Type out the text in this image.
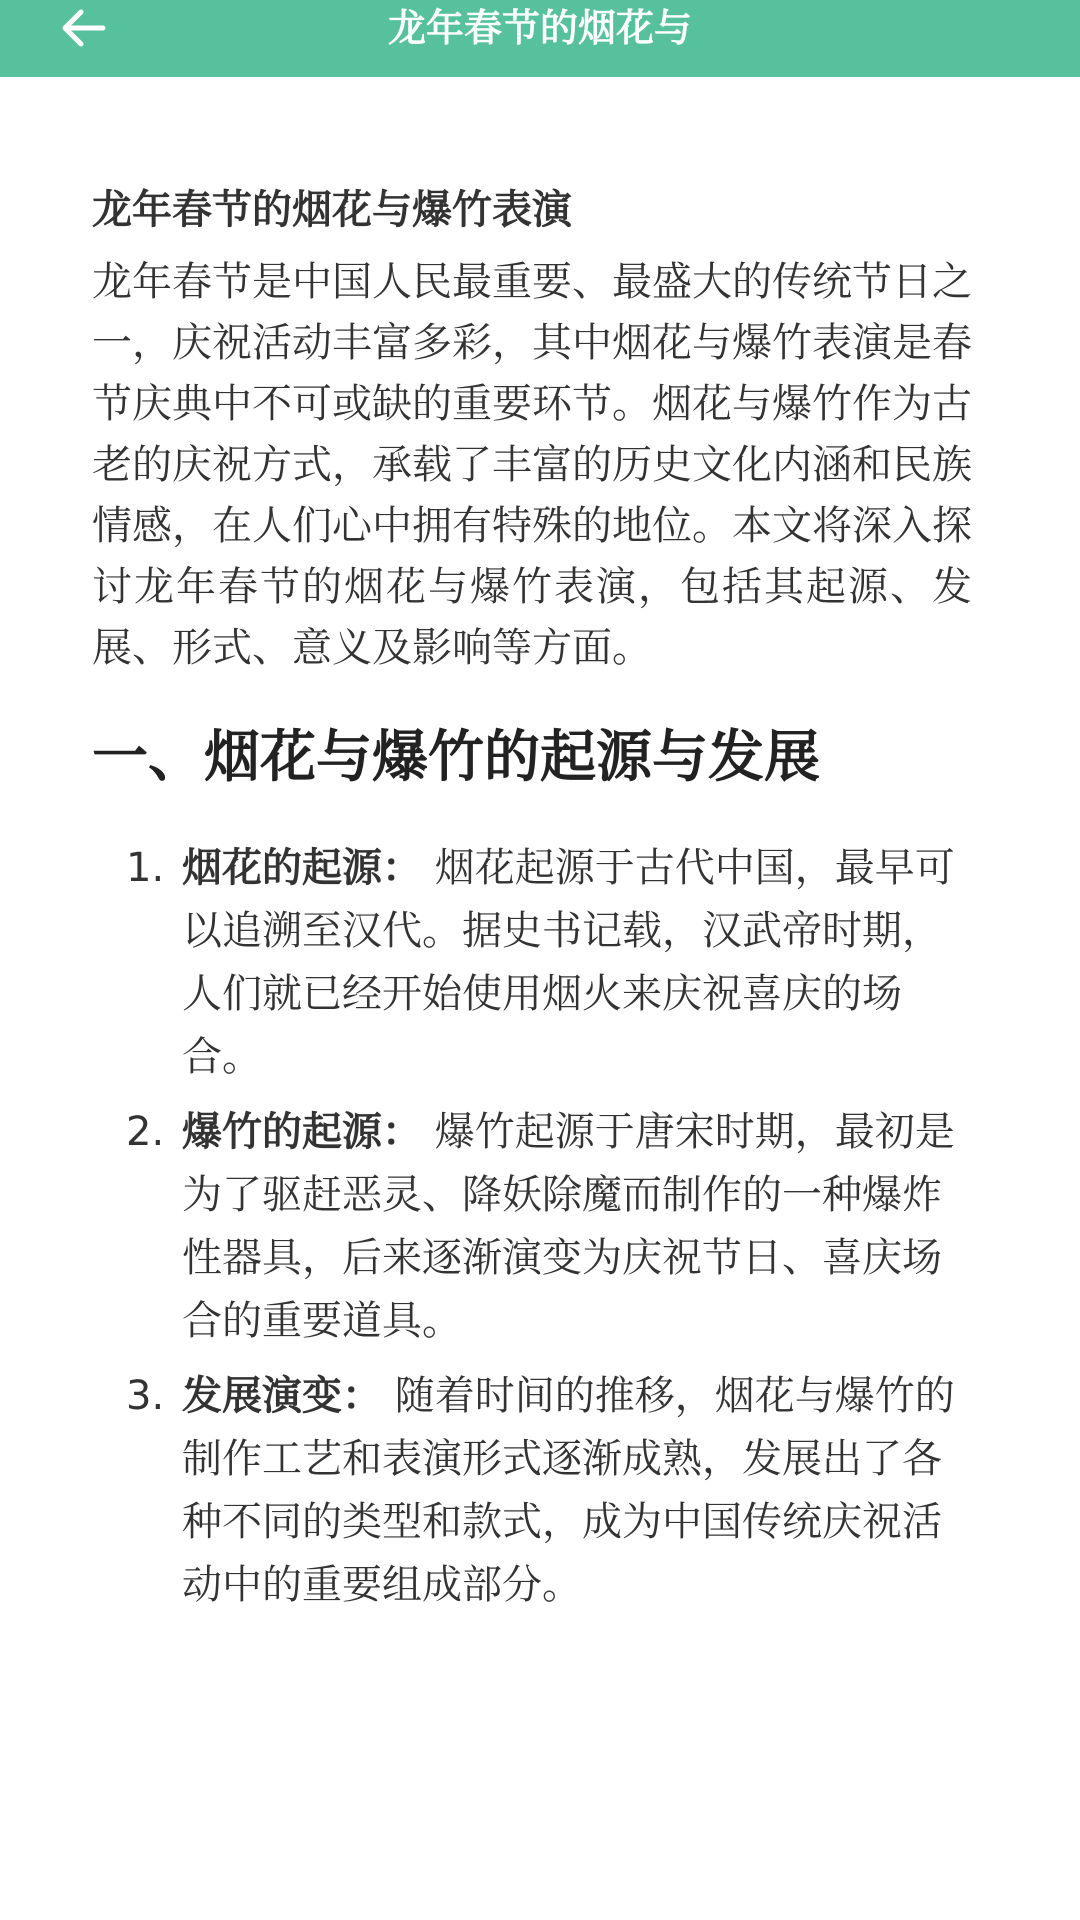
龙年春节的烟花与
龙年春节的烟花与爆竹表演

龙年春节是中国人民最重要、最盛大的传统节日之一，庆祝活动丰富多彩，其中烟花与爆竹表演是春节庆典中不可或缺的重要环节。烟花与爆竹作为古老的庆祝方式，承载了丰富的历史文化内涵和民族情感，在人们心中拥有特殊的地位。本文将深入探讨龙年春节的烟花与爆竹表演，包括其起源、发展、形式、意义及影响等方面。

一、烟花与爆竹的起源与发展
1. 烟花的起源： 烟花起源于古代中国，最早可以追溯至汉代。据史书记载，汉武帝时期，人们就已经开始使用烟火来庆祝喜庆的场合。
2. 爆竹的起源： 爆竹起源于唐宋时期，最初是为了驱赶恶灵、降妖除魔而制作的一种爆炸性器具，后来逐渐演变为庆祝节日、喜庆场合的重要道具。
3. 发展演变： 随着时间的推移，烟花与爆竹的制作工艺和表演形式逐渐成熟，发展出了各种不同的类型和款式，成为中国传统庆祝活动中的重要组成部分。
